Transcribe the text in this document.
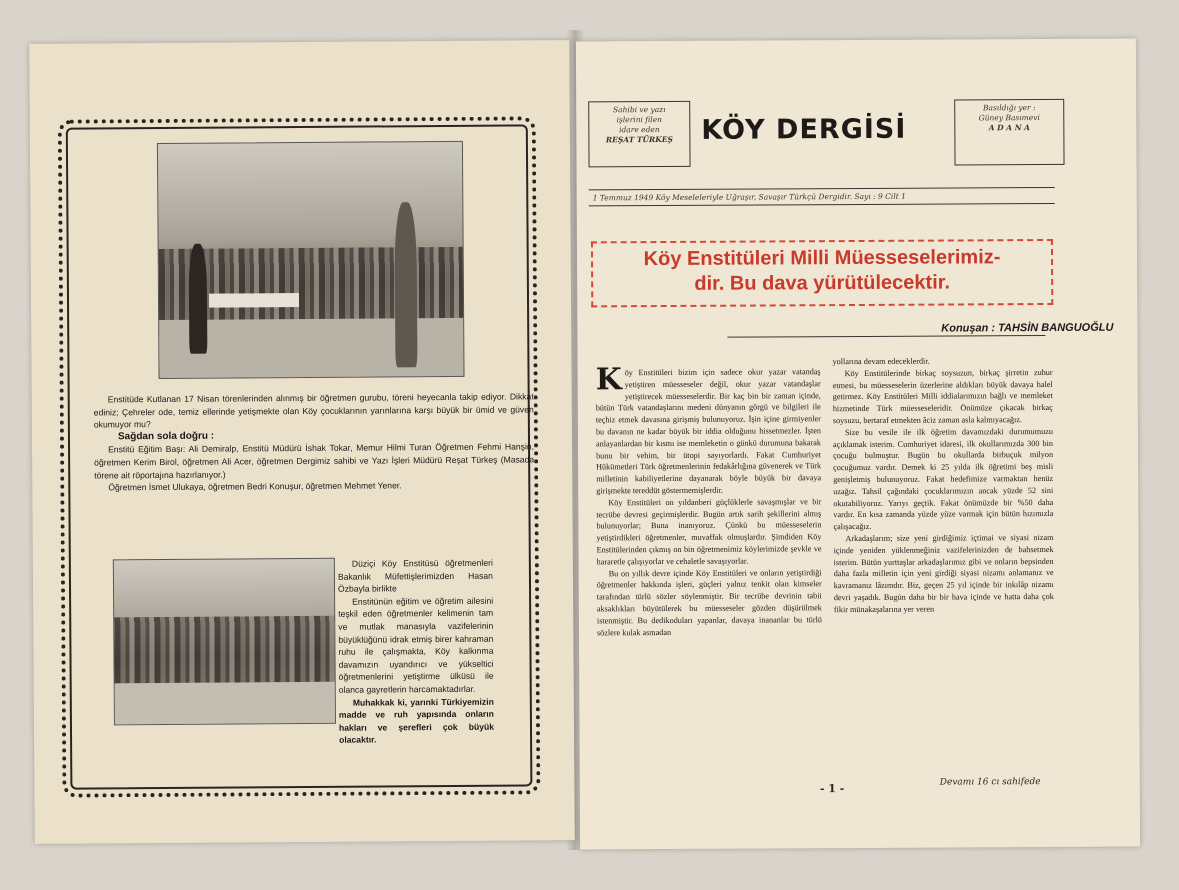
Enstitüde Kutlanan 17 Nisan törenlerinden alınmış bir öğretmen gurubu, töreni heyecanla takip ediyor. Dikkat ediniz; Çehreler ode, temiz ellerinde yetişmekte olan Köy çocuklarının yarınlarına karşı büyük bir ümid ve güven okumuyor mu?
Sağdan sola doğru :
Enstitü Eğitim Başı: Ali Demiralp, Enstitü Müdürü İshak Tokar, Memur Hilmi Turan Öğretmen Fehmi Hanşin, öğretmen Kerim Birol, öğretmen Ali Acer, öğretmen Dergimiz sahibi ve Yazı İşleri Müdürü Reşat Türkeş (Masada törene ait röportajına hazırlanıyor.)
Öğretmen İsmet Ulukaya, öğretmen Bedri Konuşur, öğretmen Mehmet Yener.
Düziçi Köy Enstitüsü öğretmenleri Bakanlık Müfettişlerimizden Hasan Özbayla birlikte
Enstitünün eğitim ve öğretim ailesini teşkil eden öğretmenler kelimenin tam ve mutlak manasıyla vazifelerinin büyüklüğünü idrak etmiş birer kahraman ruhu ile çalışmakta, Köy kalkınma davamızın uyandırıcı ve yükseltici öğretmenlerini yetiştirme ülküsü ile olanca gayretlerin harcamaktadırlar.
Muhakkak ki, yarınki Türkiyemizin madde ve ruh yapısında onların hakları ve şerefleri çok büyük olacaktır.
Sahibi ve yazı
işlerini filen
idare eden
REŞAT TÜRKEŞ	KÖY DERGİSİ
Basıldığı yer :
Güney Basımevi
A D A N A
1 Temmuz 1949 Köy Meseleleriyle Uğraşır, Savaşır Türkçü Dergidir. Sayı : 9 Cilt 1
Köy Enstitüleri Milli Müesseselerimiz-
dir. Bu dava yürütülecektir.
Konuşan : TAHSİN BANGUOĞLU

Köy Enstitüleri bizim için sadece okur yazar vatandaş yetiştiren müesseseler değil, okur yazar vatandaşlar yetiştirecek müesseselerdir. Bir kaç bin bir zaman içinde, bütün Türk vatandaşlarını medeni dünyanın görgü ve bilgileri ile teçhiz etmek davasına girişmiş bulunuyoruz. İşin içine girmiyenler bu davanın ne kadar büyük bir iddia olduğunu hissetmezler. İşten anlayanlardan bir kısmı ise memleketin o günkü durumuna bakarak bunu bir vehim, bir ütopi sayıyorlardı. Fakat Cumhuriyet Hükümetleri Türk öğretmenlerinin fedakârlığına güvenerek ve Türk milletinin kabiliyetlerine dayanarak böyle büyük bir davaya girişmekte tereddüt göstermemişlerdir.

Köy Enstitüleri on yıldanberi güçlüklerle savaşmışlar ve bir tecrübe devresi geçirmişlerdir. Bugün artık sarih şekillerini almış bulunuyorlar; Buna inanıyoruz. Çünkü bu müesseselerin yetiştirdikleri öğretmenler, muvaffak olmuşlardır. Şimdiden Köy Enstitülerinden çıkmış on bin öğretmenimiz köylerimizde şevkle ve hararetle çalışıyorlar ve cehaletle savaşıyorlar.

Bu on yıllık devre içinde Köy Enstitüleri ve onların yetiştirdiği öğretmenler hakkında işleri, güçleri yalnız tenkit olan kimseler tarafından türlü sözler söylenmiştir. Bir tecrübe devrinin tabii aksaklıkları büyütülerek bu müesseseler gözden düşürülmek istenmiştir. Bu dedikoduları yapanlar, davaya inananlar bu türlü sözlere kulak asmadan

yollarına devam edeceklerdir.

Köy Enstitülerinde birkaç soysuzun, birkaç şirretin zuhur etmesi, bu müesseselerin üzerlerine aldıkları büyük davaya halel getirmez. Köy Enstitüleri Milli iddialarımızın bağlı ve memleket hizmetinde Türk müesseseleridir. Önümüze çıkacak birkaç soysuzu, bertaraf etmekten âciz zaman asla kalmıyacağız.

Size bu vesile ile ilk öğretim davamızdaki durumumuzu açıklamak isterim. Cumhuriyet idaresi, ilk okullarımızda 300 bin çocuğu bulmuştur. Bugün bu okullarda birbuçuk milyon çocuğumuz vardır. Demek ki 25 yılda ilk öğretimi beş misli genişletmiş bulunuyoruz. Fakat hedefimize varmaktan henüz uzağız. Tahsil çağındaki çocuklarımızın ancak yüzde 52 sini okutabiliyoruz. Yarıyı geçtik. Fakat önümüzde bir %50 daha vardır. En kısa zamanda yüzde yüze varmak için bütün hızımızla çalışacağız.

Arkadaşlarım; size yeni girdiğimiz içtimai ve siyasi nizam içinde yeniden yüklenmeğiniz vazifelerinizden de bahsetmek isterim. Bütün yurttaşlar arkadaşlarımız gibi ve onların bepsinden daha fazla milletin için yeni girdiği siyasi nizamı anlamanız ve kavramanız lâzımdır. Biz, geçen 25 yıl içinde bir inkılâp nizamı devri yaşadık. Bugün daha bir bir hava içinde ve hatta daha çok fikir münakaşalarına yer veren

- 1 -	Devamı 16 cı sahifede
